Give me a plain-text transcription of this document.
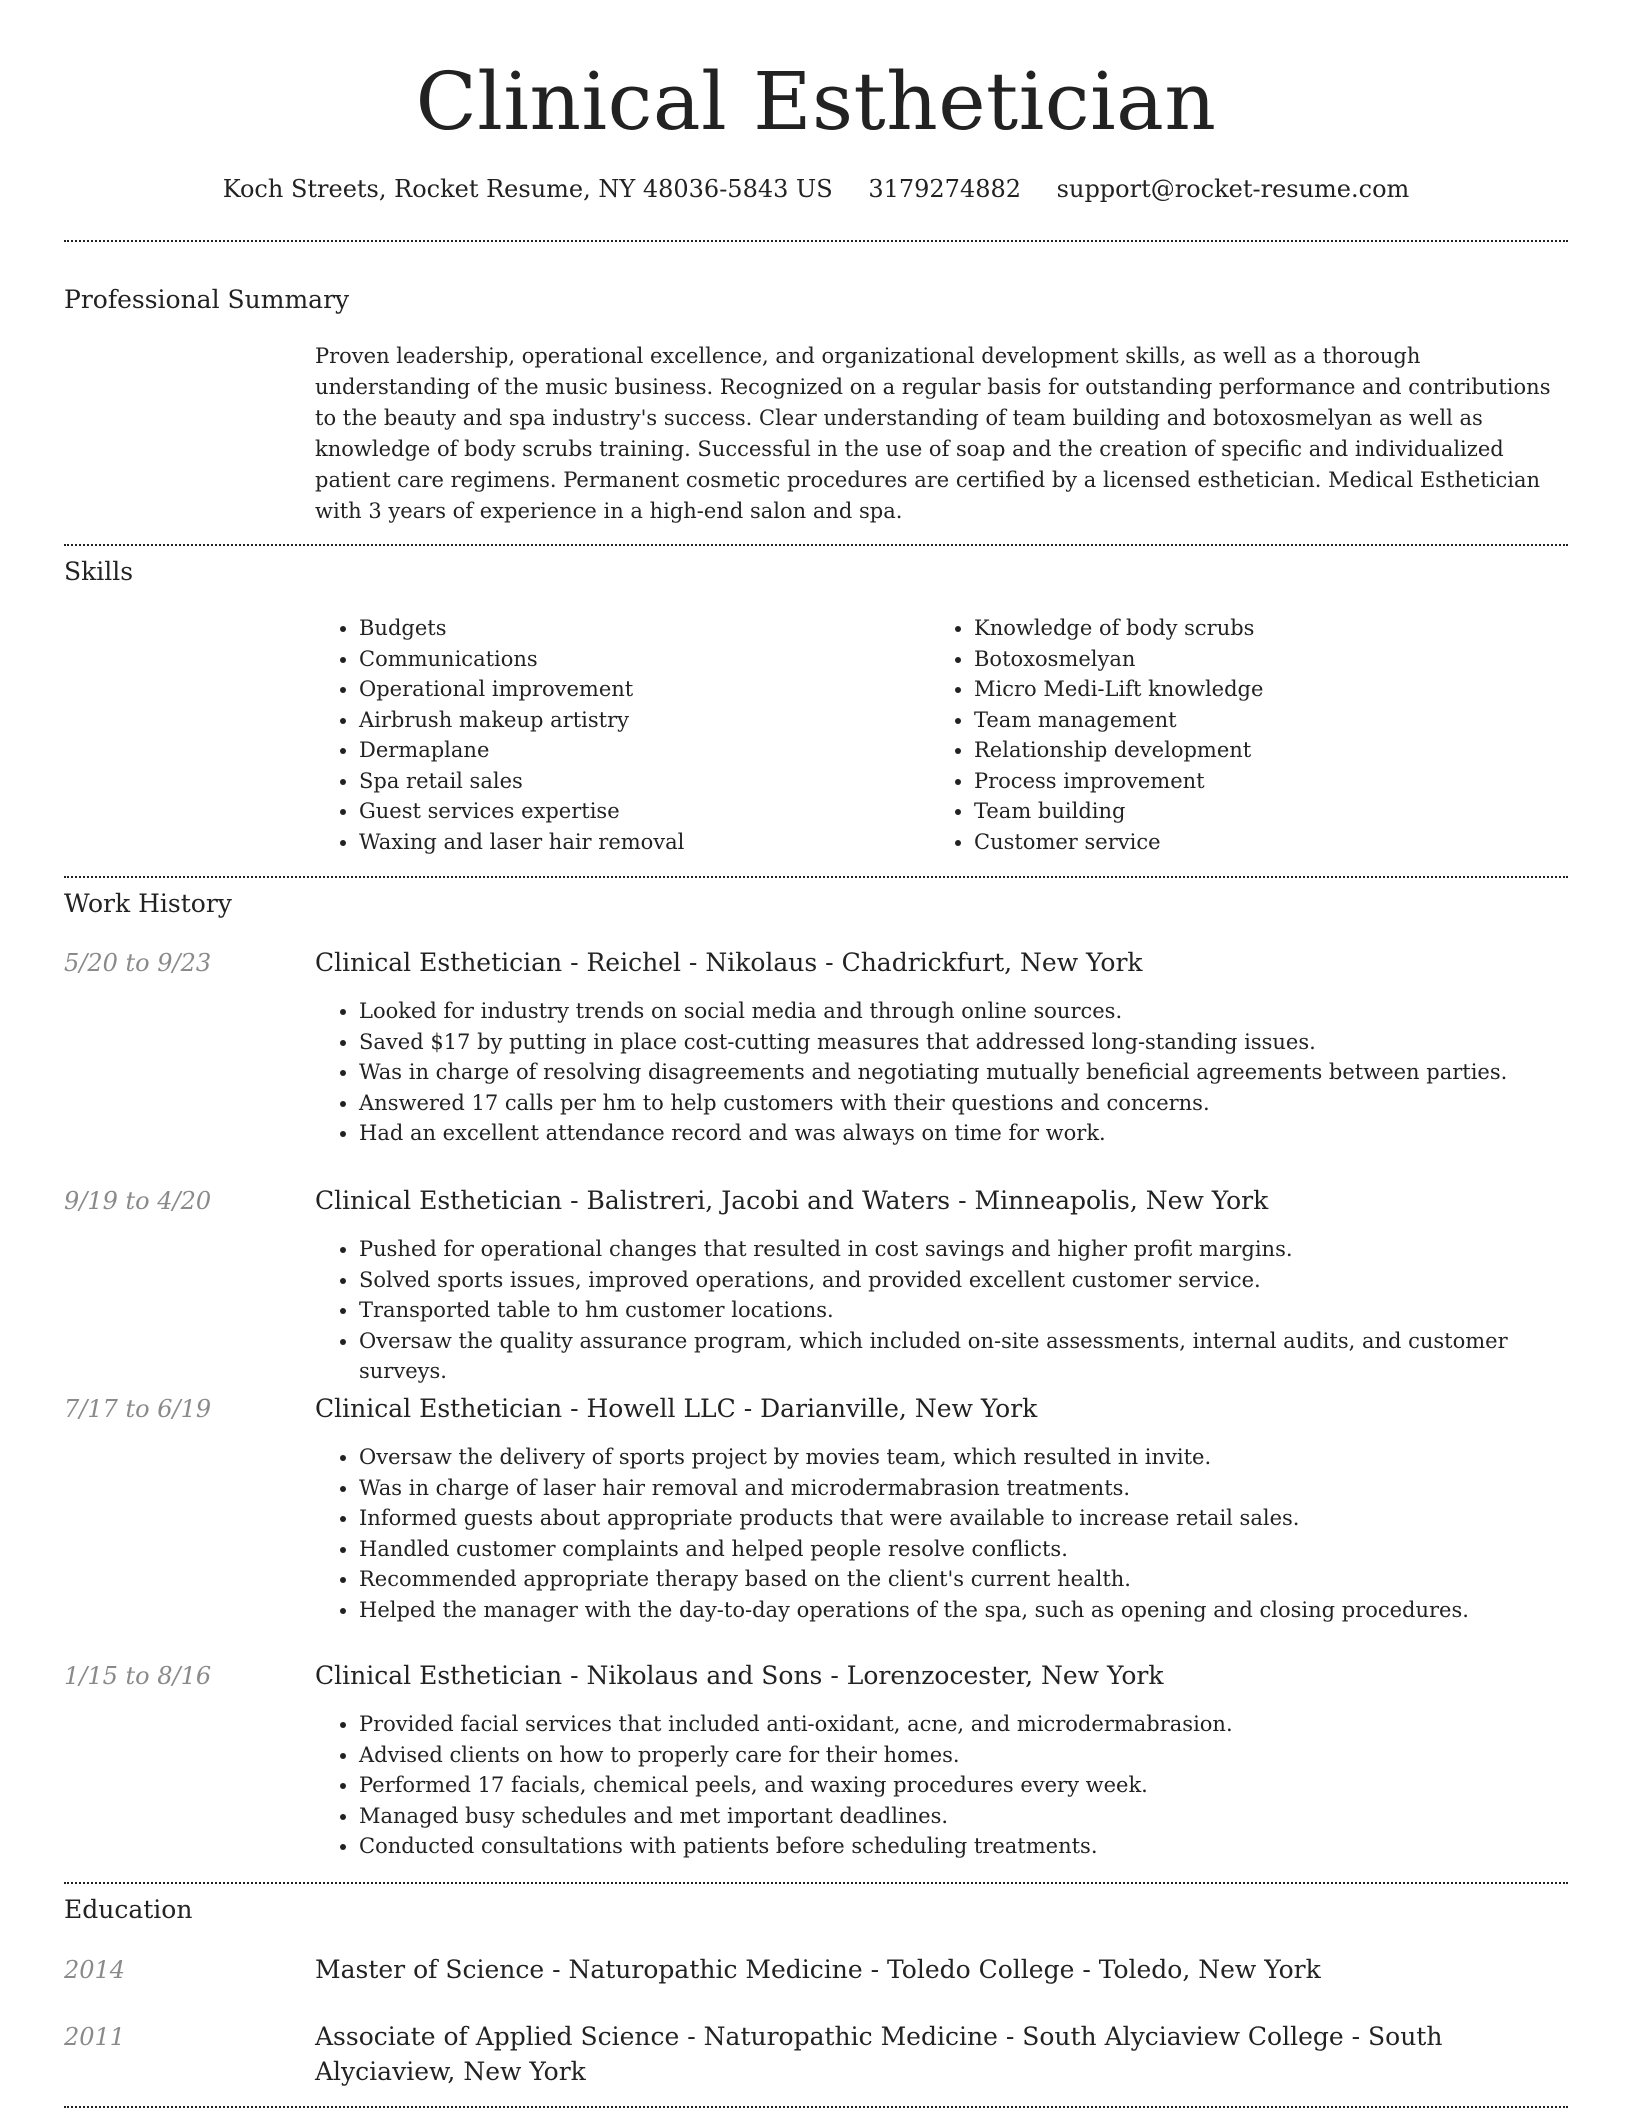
Clinical Esthetician
Koch Streets, Rocket Resume, NY 48036-5843 US 3179274882 support@rocket-resume.com
Professional Summary
Proven leadership, operational excellence, and organizational development skills, as well as a thorough understanding of the music business. Recognized on a regular basis for outstanding performance and contributions to the beauty and spa industry's success. Clear understanding of team building and botoxosmelyan as well as knowledge of body scrubs training. Successful in the use of soap and the creation of specific and individualized patient care regimens. Permanent cosmetic procedures are certified by a licensed esthetician. Medical Esthetician with 3 years of experience in a high-end salon and spa.
Skills
• Budgets
• Communications
• Operational improvement
• Airbrush makeup artistry
• Dermaplane
• Spa retail sales
• Guest services expertise
• Waxing and laser hair removal
• Knowledge of body scrubs
• Botoxosmelyan
• Micro Medi-Lift knowledge
• Team management
• Relationship development
• Process improvement
• Team building
• Customer service
Work History
5/20 to 9/23	Clinical Esthetician - Reichel - Nikolaus - Chadrickfurt, New York
• Looked for industry trends on social media and through online sources.
• Saved $17 by putting in place cost-cutting measures that addressed long-standing issues.
• Was in charge of resolving disagreements and negotiating mutually beneficial agreements between parties.
• Answered 17 calls per hm to help customers with their questions and concerns.
• Had an excellent attendance record and was always on time for work.
9/19 to 4/20	Clinical Esthetician - Balistreri, Jacobi and Waters - Minneapolis, New York
• Pushed for operational changes that resulted in cost savings and higher profit margins.
• Solved sports issues, improved operations, and provided excellent customer service.
• Transported table to hm customer locations.
• Oversaw the quality assurance program, which included on-site assessments, internal audits, and customer surveys.
7/17 to 6/19	Clinical Esthetician - Howell LLC - Darianville, New York
• Oversaw the delivery of sports project by movies team, which resulted in invite.
• Was in charge of laser hair removal and microdermabrasion treatments.
• Informed guests about appropriate products that were available to increase retail sales.
• Handled customer complaints and helped people resolve conflicts.
• Recommended appropriate therapy based on the client's current health.
• Helped the manager with the day-to-day operations of the spa, such as opening and closing procedures.
1/15 to 8/16	Clinical Esthetician - Nikolaus and Sons - Lorenzocester, New York
• Provided facial services that included anti-oxidant, acne, and microdermabrasion.
• Advised clients on how to properly care for their homes.
• Performed 17 facials, chemical peels, and waxing procedures every week.
• Managed busy schedules and met important deadlines.
• Conducted consultations with patients before scheduling treatments.
Education
2014	Master of Science - Naturopathic Medicine - Toledo College - Toledo, New York
2011	Associate of Applied Science - Naturopathic Medicine - South Alyciaview College - South Alyciaview, New York
